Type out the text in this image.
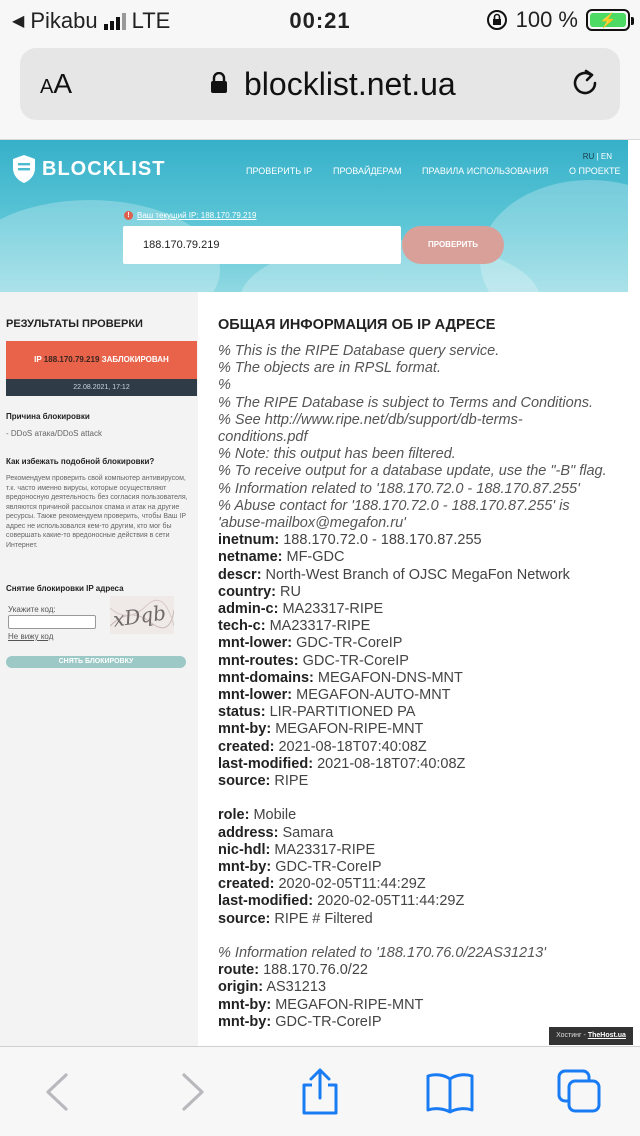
◀ Pikabu LTE	00:21	100 %	⚡
AA	blocklist.net.ua
BLOCKLIST	ПРОВЕРИТЬ IP ПРОВАЙДЕРАМ ПРАВИЛА ИСПОЛЬЗОВАНИЯ О ПРОЕКТЕ
RU | EN
! Ваш текущий IP: 188.170.79.219
188.170.79.219	ПРОВЕРИТЬ
РЕЗУЛЬТАТЫ ПРОВЕРКИ
IP 188.170.79.219 ЗАБЛОКИРОВАН
22.08.2021, 17:12
Причина блокировки
- DDoS атака/DDoS attack
Как избежать подобной блокировки?
Рекомендуем проверить свой компьютер антивирусом, т.к. часто именно вирусы, которые осуществляют вредоносную деятельность без согласия пользователя, являются причиной рассылок спама и атак на другие ресурсы. Также рекомендуем проверить, чтобы Ваш IP адрес не использовался кем-то другим, кто мог бы совершать какие-то вредоносные действия в сети Интернет.
Снятие блокировки IP адреса
Укажите код:
Не вижу код
xDqb
СНЯТЬ БЛОКИРОВКУ
ОБЩАЯ ИНФОРМАЦИЯ ОБ IP АДРЕСЕ
% This is the RIPE Database query service.
% The objects are in RPSL format.
%
% The RIPE Database is subject to Terms and Conditions.
% See http://www.ripe.net/db/support/db-terms-conditions.pdf
% Note: this output has been filtered.
% To receive output for a database update, use the "-B" flag.
% Information related to '188.170.72.0 - 188.170.87.255'
% Abuse contact for '188.170.72.0 - 188.170.87.255' is 'abuse-mailbox@megafon.ru'
inetnum: 188.170.72.0 - 188.170.87.255
netname: MF-GDC
descr: North-West Branch of OJSC MegaFon Network
country: RU
admin-c: MA23317-RIPE
tech-c: MA23317-RIPE
mnt-lower: GDC-TR-CoreIP
mnt-routes: GDC-TR-CoreIP
mnt-domains: MEGAFON-DNS-MNT
mnt-lower: MEGAFON-AUTO-MNT
status: LIR-PARTITIONED PA
mnt-by: MEGAFON-RIPE-MNT
created: 2021-08-18T07:40:08Z
last-modified: 2021-08-18T07:40:08Z
source: RIPE
role: Mobile
address: Samara
nic-hdl: MA23317-RIPE
mnt-by: GDC-TR-CoreIP
created: 2020-02-05T11:44:29Z
last-modified: 2020-02-05T11:44:29Z
source: RIPE # Filtered
% Information related to '188.170.76.0/22AS31213'
route: 188.170.76.0/22
origin: AS31213
mnt-by: MEGAFON-RIPE-MNT
mnt-by: GDC-TR-CoreIP
Хостинг - TheHost.ua
